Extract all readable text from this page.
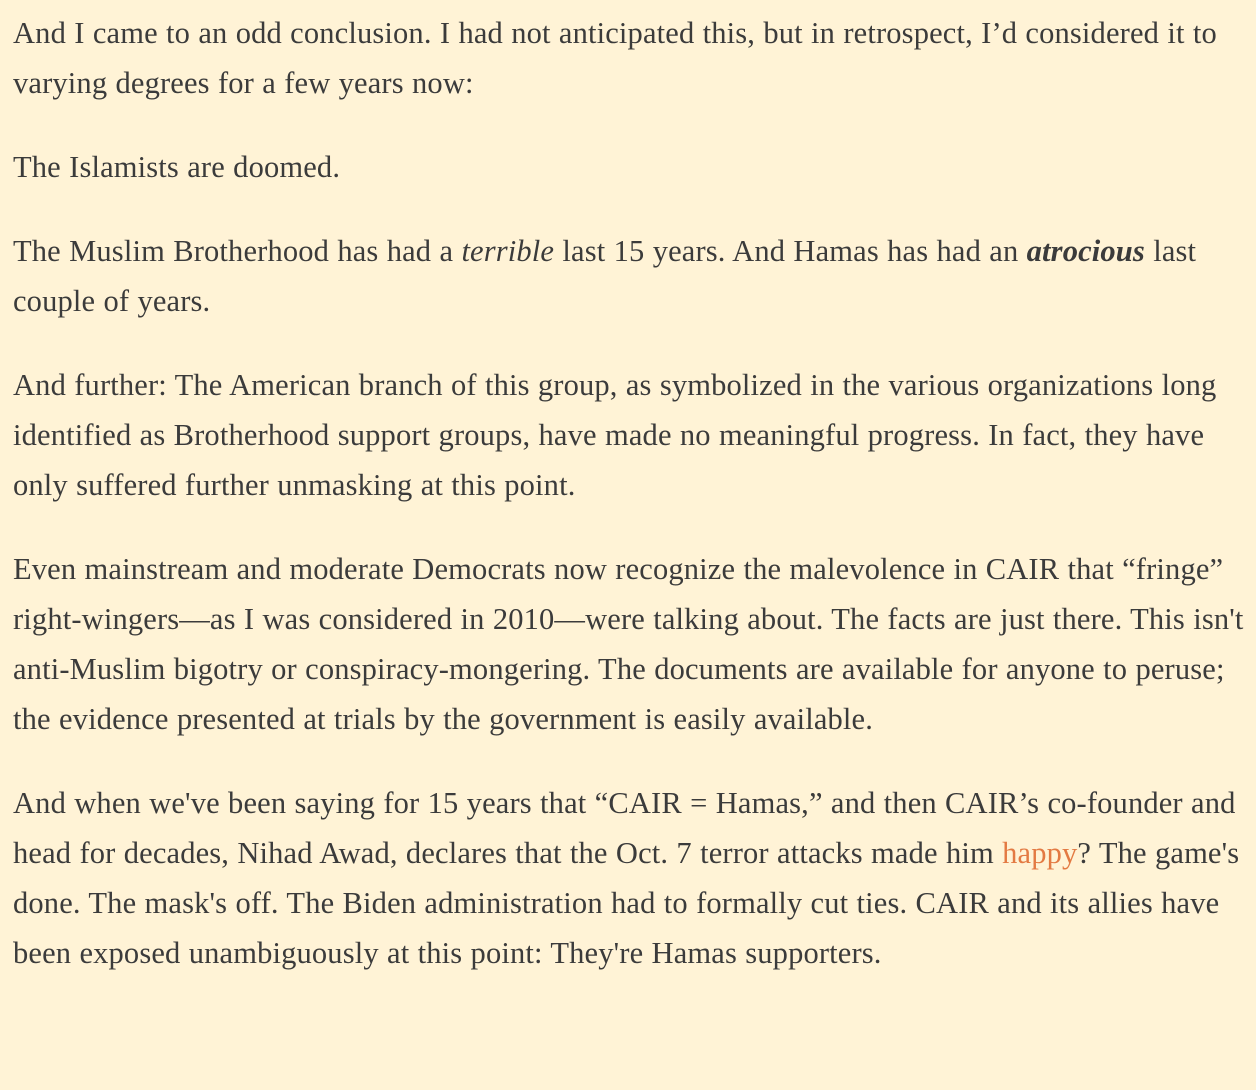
And I came to an odd conclusion. I had not anticipated this, but in retrospect, I’d considered it to varying degrees for a few years now:

The Islamists are doomed.

The Muslim Brotherhood has had a terrible last 15 years. And Hamas has had an atrocious last couple of years.

And further: The American branch of this group, as symbolized in the various organizations long identified as Brotherhood support groups, have made no meaningful progress. In fact, they have only suffered further unmasking at this point.

Even mainstream and moderate Democrats now recognize the malevolence in CAIR that “fringe” right-wingers—as I was considered in 2010—were talking about. The facts are just there. This isn't anti-Muslim bigotry or conspiracy-mongering. The documents are available for anyone to peruse; the evidence presented at trials by the government is easily available.

And when we've been saying for 15 years that “CAIR = Hamas,” and then CAIR’s co-founder and head for decades, Nihad Awad, declares that the Oct. 7 terror attacks made him happy? The game's done. The mask's off. The Biden administration had to formally cut ties. CAIR and its allies have been exposed unambiguously at this point: They're Hamas supporters.
